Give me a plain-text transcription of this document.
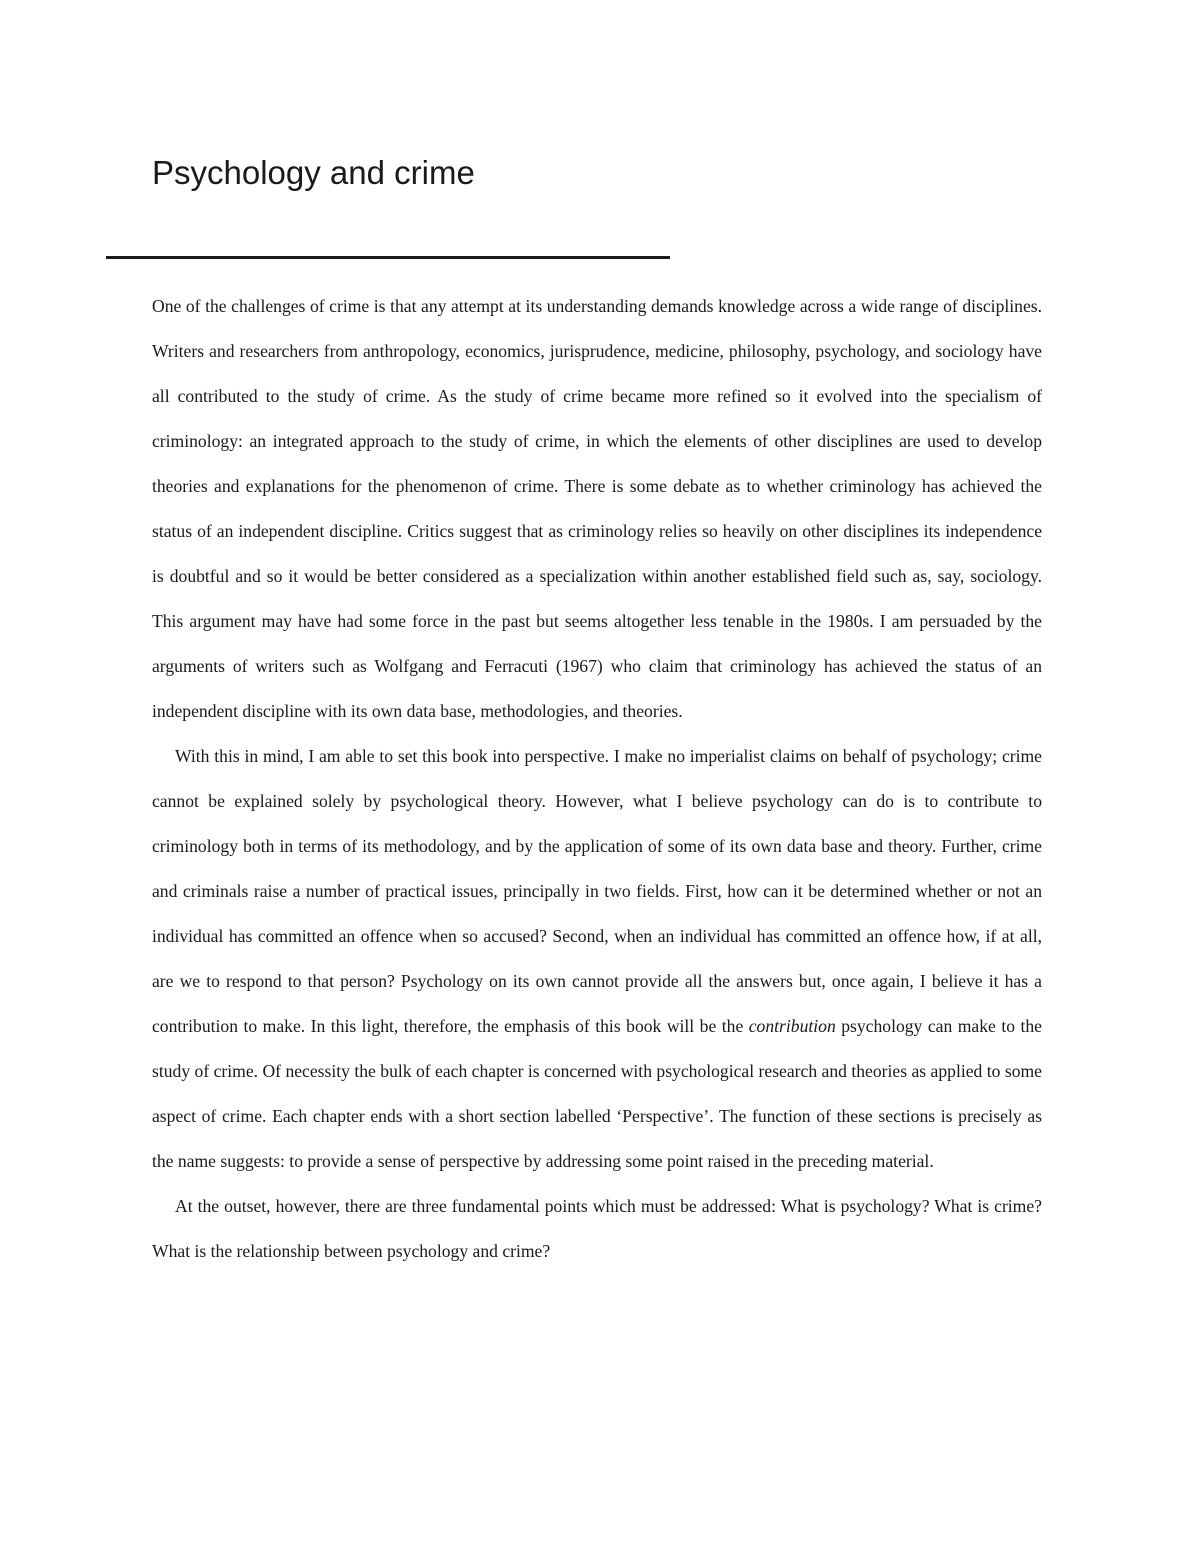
Psychology and crime

One of the challenges of crime is that any attempt at its understanding demands knowledge across a wide range of disciplines. Writers and researchers from anthropology, economics, jurisprudence, medicine, philosophy, psychology, and sociology have all contributed to the study of crime. As the study of crime became more refined so it evolved into the specialism of criminology: an integrated approach to the study of crime, in which the elements of other disciplines are used to develop theories and explanations for the phenomenon of crime. There is some debate as to whether criminology has achieved the status of an independent discipline. Critics suggest that as criminology relies so heavily on other disciplines its independence is doubtful and so it would be better considered as a specialization within another established field such as, say, sociology. This argument may have had some force in the past but seems altogether less tenable in the 1980s. I am persuaded by the arguments of writers such as Wolfgang and Ferracuti (1967) who claim that criminology has achieved the status of an independent discipline with its own data base, methodologies, and theories.

With this in mind, I am able to set this book into perspective. I make no imperialist claims on behalf of psychology; crime cannot be explained solely by psychological theory. However, what I believe psychology can do is to contribute to criminology both in terms of its methodology, and by the application of some of its own data base and theory. Further, crime and criminals raise a number of practical issues, principally in two fields. First, how can it be determined whether or not an individual has committed an offence when so accused? Second, when an individual has committed an offence how, if at all, are we to respond to that person? Psychology on its own cannot provide all the answers but, once again, I believe it has a contribution to make. In this light, therefore, the emphasis of this book will be the contribution psychology can make to the study of crime. Of necessity the bulk of each chapter is concerned with psychological research and theories as applied to some aspect of crime. Each chapter ends with a short section labelled ‘Perspective’. The function of these sections is precisely as the name suggests: to provide a sense of perspective by addressing some point raised in the preceding material.

At the outset, however, there are three fundamental points which must be addressed: What is psychology? What is crime? What is the relationship between psychology and crime?
